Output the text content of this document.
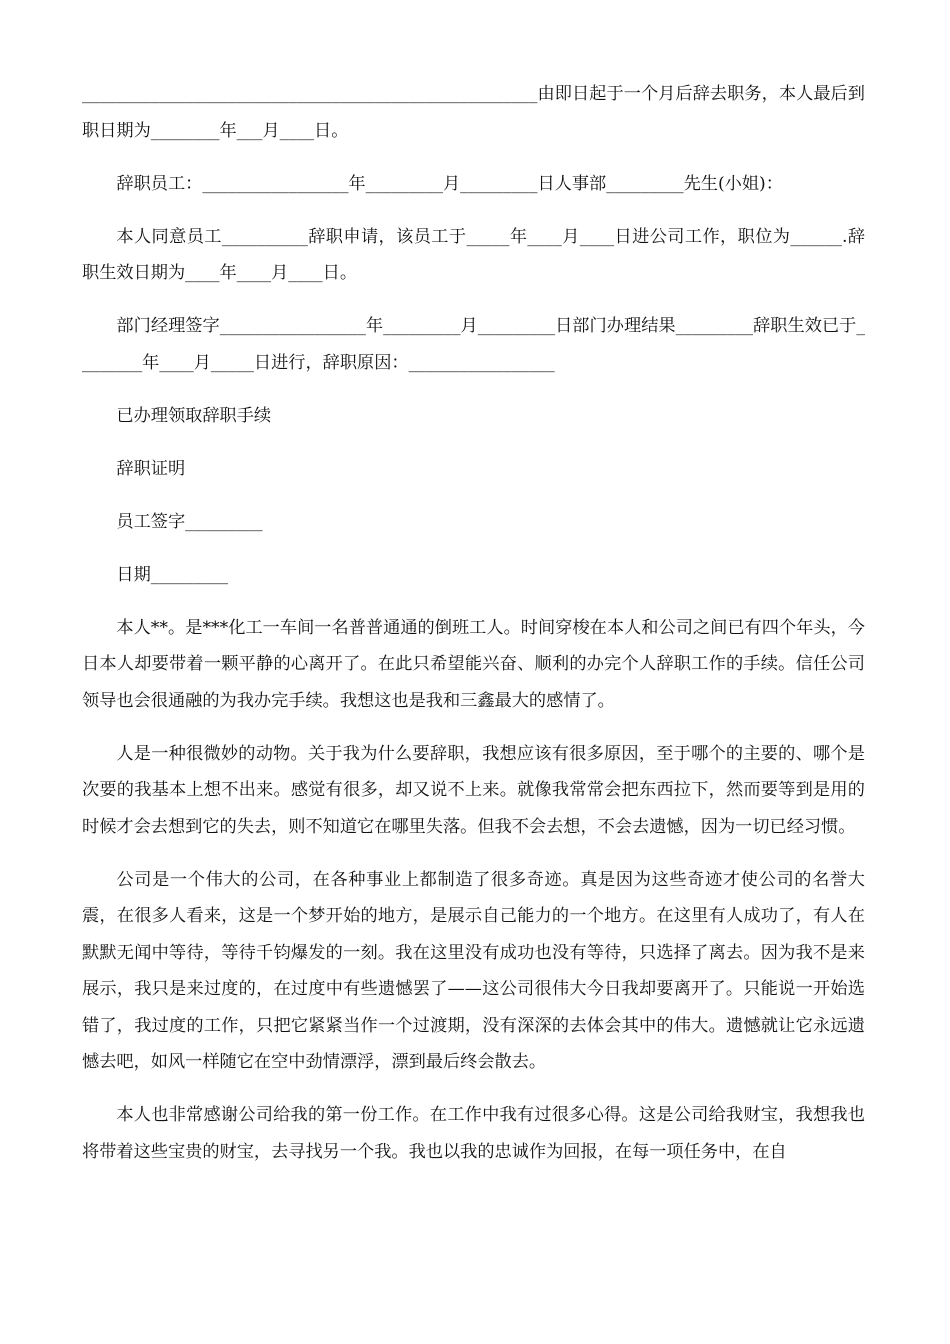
_____________________________________________________由即日起于一个月后辞去职务，本人最后到职日期为________年___月____日。

辞职员工：_________________年_________月_________日人事部_________先生(小姐)：

本人同意员工__________辞职申请，该员工于_____年____月____日进公司工作，职位为______.辞职生效日期为____年____月____日。

部门经理签字_________________年_________月_________日部门办理结果_________辞职生效已于________年____月_____日进行，辞职原因：_________________

已办理领取辞职手续

辞职证明

员工签字_________

日期_________

本人**。是***化工一车间一名普普通通的倒班工人。时间穿梭在本人和公司之间已有四个年头，今日本人却要带着一颗平静的心离开了。在此只希望能兴奋、顺利的办完个人辞职工作的手续。信任公司领导也会很通融的为我办完手续。我想这也是我和三鑫最大的感情了。

人是一种很微妙的动物。关于我为什么要辞职，我想应该有很多原因，至于哪个的主要的、哪个是次要的我基本上想不出来。感觉有很多，却又说不上来。就像我常常会把东西拉下，然而要等到是用的时候才会去想到它的失去，则不知道它在哪里失落。但我不会去想，不会去遗憾，因为一切已经习惯。

公司是一个伟大的公司，在各种事业上都制造了很多奇迹。真是因为这些奇迹才使公司的名誉大震，在很多人看来，这是一个梦开始的地方，是展示自己能力的一个地方。在这里有人成功了，有人在默默无闻中等待，等待千钧爆发的一刻。我在这里没有成功也没有等待，只选择了离去。因为我不是来展示，我只是来过度的，在过度中有些遗憾罢了——这公司很伟大今日我却要离开了。只能说一开始选错了，我过度的工作，只把它紧紧当作一个过渡期，没有深深的去体会其中的伟大。遗憾就让它永远遗憾去吧，如风一样随它在空中劲情漂浮，漂到最后终会散去。

本人也非常感谢公司给我的第一份工作。在工作中我有过很多心得。这是公司给我财宝，我想我也将带着这些宝贵的财宝，去寻找另一个我。我也以我的忠诚作为回报，在每一项任务中，在自
